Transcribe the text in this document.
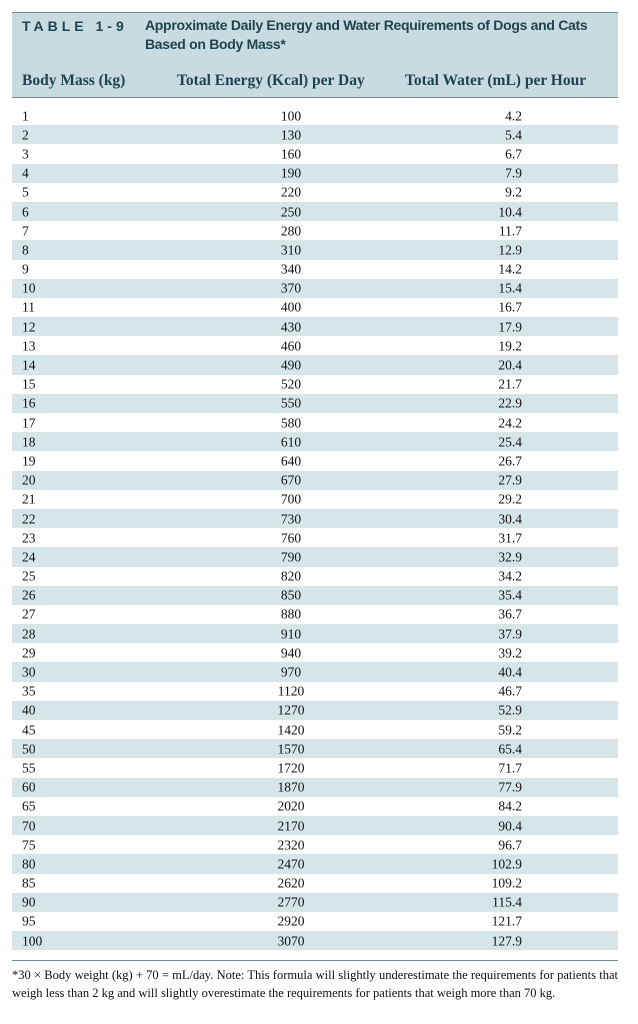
TABLE 1-9 Approximate Daily Energy and Water Requirements of Dogs and Cats Based on Body Mass*
Body Mass (kg)	Total Energy (Kcal) per Day	Total Water (mL) per Hour
1	100	4.2
2	130	5.4
3	160	6.7
4	190	7.9
5	220	9.2
6	250	10.4
7	280	11.7
8	310	12.9
9	340	14.2
10	370	15.4
11	400	16.7
12	430	17.9
13	460	19.2
14	490	20.4
15	520	21.7
16	550	22.9
17	580	24.2
18	610	25.4
19	640	26.7
20	670	27.9
21	700	29.2
22	730	30.4
23	760	31.7
24	790	32.9
25	820	34.2
26	850	35.4
27	880	36.7
28	910	37.9
29	940	39.2
30	970	40.4
35	1120	46.7
40	1270	52.9
45	1420	59.2
50	1570	65.4
55	1720	71.7
60	1870	77.9
65	2020	84.2
70	2170	90.4
75	2320	96.7
80	2470	102.9
85	2620	109.2
90	2770	115.4
95	2920	121.7
100	3070	127.9
*30 × Body weight (kg) + 70 = mL/day. Note: This formula will slightly underestimate the requirements for patients that weigh less than 2 kg and will slightly overestimate the requirements for patients that weigh more than 70 kg.
